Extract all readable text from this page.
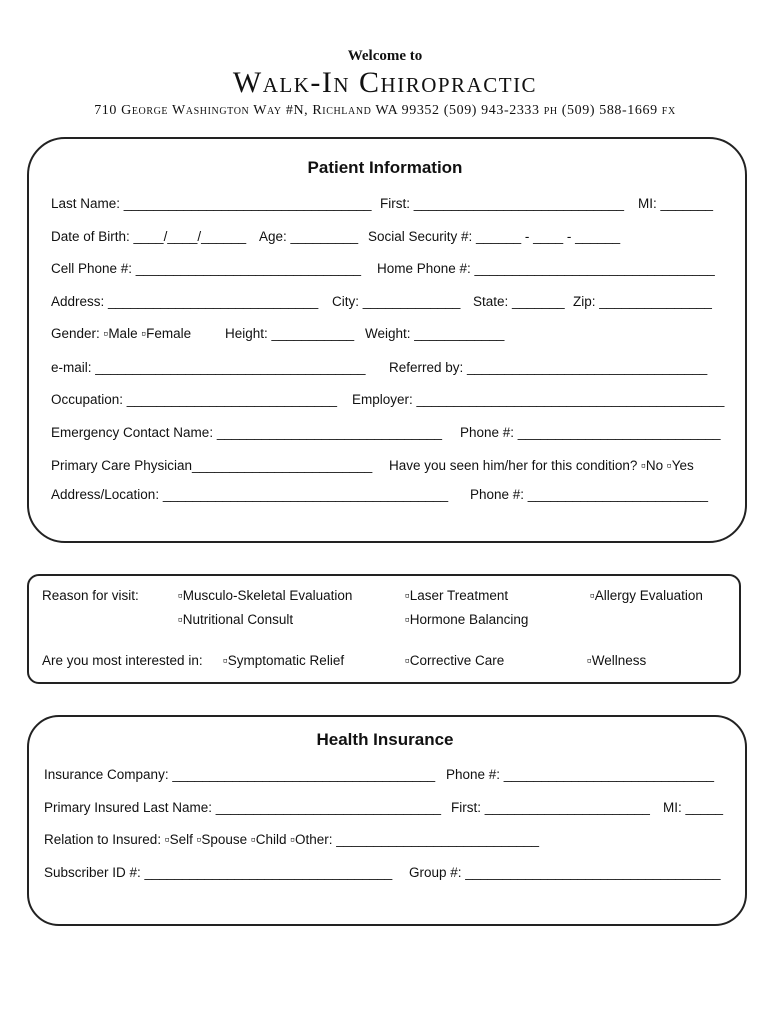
Welcome to
Walk-In Chiropractic
710 George Washington Way #N, Richland WA 99352 (509) 943-2333 ph (509) 588-1669 fx
Patient Information
Last Name: _________________________________ First: ____________________________ MI: _______
Date of Birth: ____/____/______ Age: _________ Social Security #: ______ - ____ - ______
Cell Phone #: ______________________________ Home Phone #: ________________________________
Address: ____________________________ City: _____________ State: _______ Zip: _______________
Gender: ▫Male ▫Female	Height: ___________ Weight: ____________
e-mail: ____________________________________ Referred by: ________________________________
Occupation: ____________________________ Employer: _________________________________________
Emergency Contact Name: ______________________________ Phone #: ___________________________
Primary Care Physician________________________ Have you seen him/her for this condition? ▫No ▫Yes
Address/Location: ______________________________________ Phone #: ________________________
Reason for visit:	▫Musculo-Skeletal Evaluation	▫Laser Treatment	▫Allergy Evaluation
▫Nutritional Consult	▫Hormone Balancing
Are you most interested in: ▫Symptomatic Relief	▫Corrective Care	▫Wellness
Health Insurance
Insurance Company: ___________________________________ Phone #: ____________________________
Primary Insured Last Name: ______________________________ First: ______________________ MI: _____
Relation to Insured: ▫Self ▫Spouse ▫Child ▫Other: ___________________________
Subscriber ID #: _________________________________ Group #: __________________________________
